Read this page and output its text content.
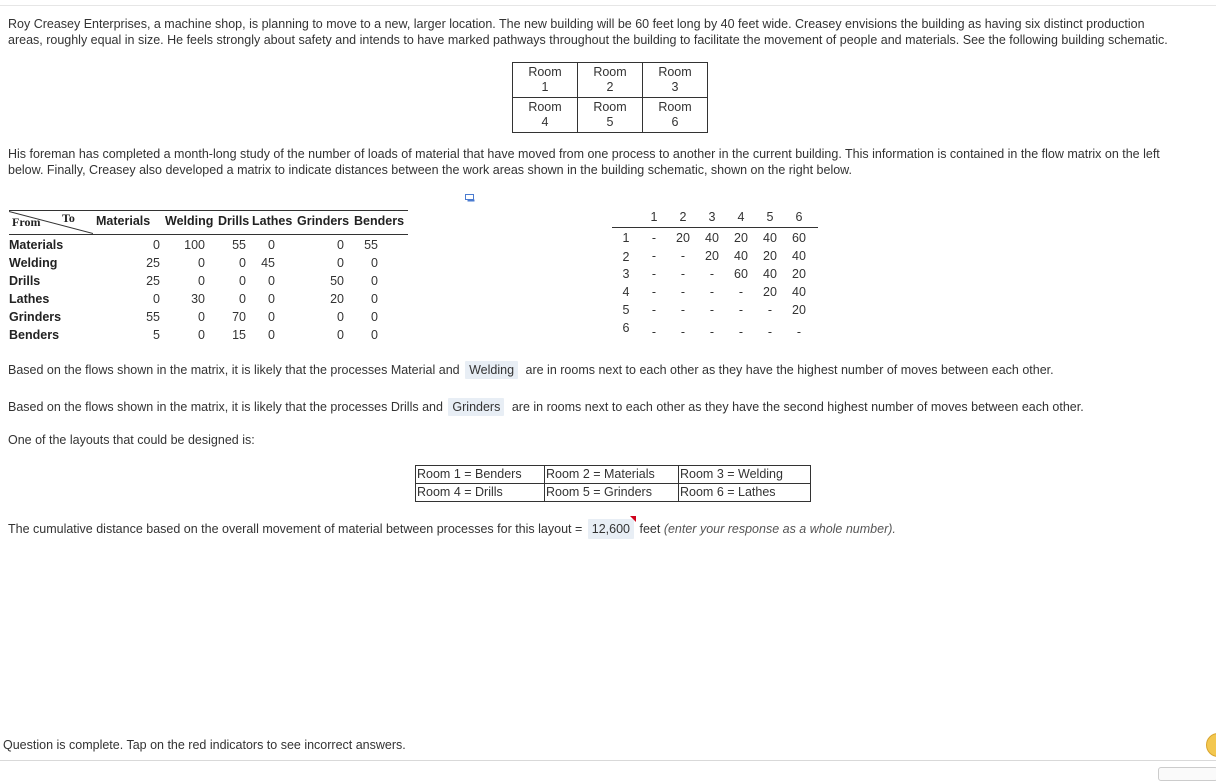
Roy Creasey Enterprises, a machine shop, is planning to move to a new, larger location. The new building will be 60 feet long by 40 feet wide. Creasey envisions the building as having six distinct production
areas, roughly equal in size. He feels strongly about safety and intends to have marked pathways throughout the building to facilitate the movement of people and materials. See the following building schematic.
Room
1	Room
2	Room
3
Room
4	Room
5	Room
6
His foreman has completed a month-long study of the number of loads of material that have moved from one process to another in the current building. This information is contained in the flow matrix on the left
below. Finally, Creasey also developed a matrix to indicate distances between the work areas shown in the building schematic, shown on the right below.
From To Materials Welding Drills Lathes Grinders Benders
Materials	0	100	55	0	0	55
Welding	25	0	0	45	0	0
Drills	25	0	0	0	50	0
Lathes	0	30	0	0	20	0
Grinders	55	0	70	0	0	0
Benders	5	0	15	0	0	0
1 2 3 4 5 6
1	-	20 40 20 40 60
2	-	-	20 40 20 40
3	-	-	-	60 40 20
4	-	-	-	-	20 40
5	-	-	-	-	-	20
6	-	-	-	-	-	-
Based on the flows shown in the matrix, it is likely that the processes Material and Welding are in rooms next to each other as they have the highest number of moves between each other.
Based on the flows shown in the matrix, it is likely that the processes Drills and Grinders are in rooms next to each other as they have the second highest number of moves between each other.
One of the layouts that could be designed is:
Room 1 = Benders	Room 2 = Materials	Room 3 = Welding
Room 4 = Drills	Room 5 = Grinders	Room 6 = Lathes
The cumulative distance based on the overall movement of material between processes for this layout = 12,600 feet (enter your response as a whole number).
Question is complete. Tap on the red indicators to see incorrect answers.
